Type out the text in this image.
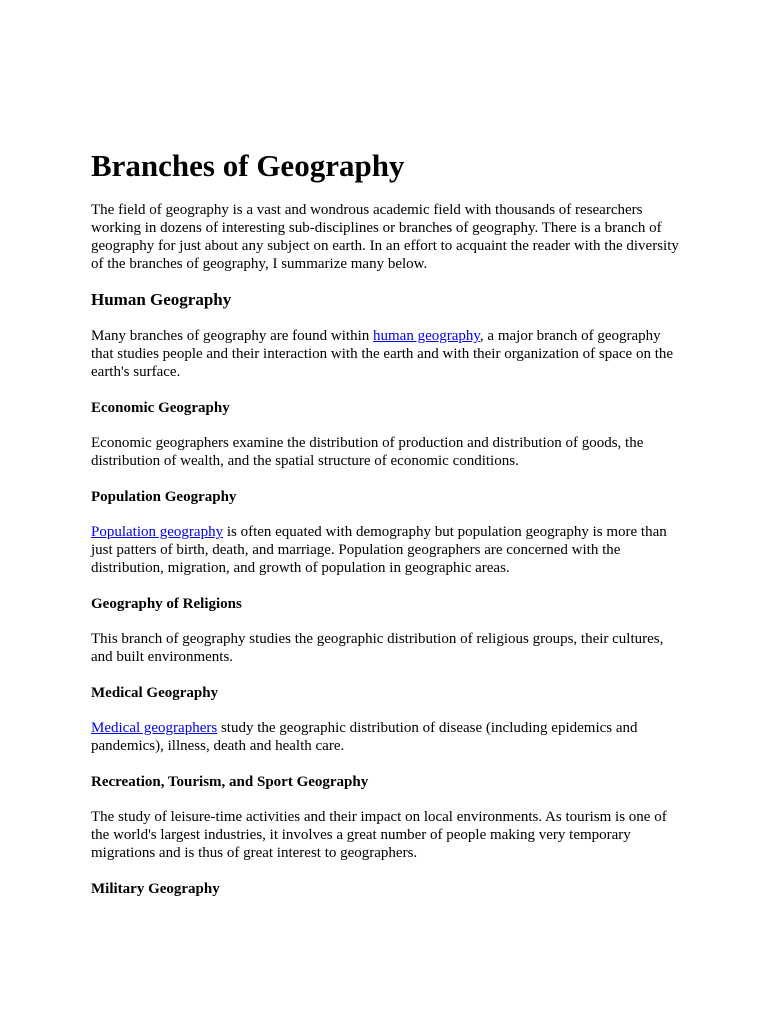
Branches of Geography

The field of geography is a vast and wondrous academic field with thousands of researchers working in dozens of interesting sub-disciplines or branches of geography. There is a branch of geography for just about any subject on earth. In an effort to acquaint the reader with the diversity of the branches of geography, I summarize many below.

Human Geography

Many branches of geography are found within human geography, a major branch of geography that studies people and their interaction with the earth and with their organization of space on the earth's surface.

Economic Geography

Economic geographers examine the distribution of production and distribution of goods, the distribution of wealth, and the spatial structure of economic conditions.

Population Geography

Population geography is often equated with demography but population geography is more than just patters of birth, death, and marriage. Population geographers are concerned with the distribution, migration, and growth of population in geographic areas.

Geography of Religions

This branch of geography studies the geographic distribution of religious groups, their cultures, and built environments.

Medical Geography

Medical geographers study the geographic distribution of disease (including epidemics and pandemics), illness, death and health care.

Recreation, Tourism, and Sport Geography

The study of leisure-time activities and their impact on local environments. As tourism is one of the world's largest industries, it involves a great number of people making very temporary migrations and is thus of great interest to geographers.

Military Geography
